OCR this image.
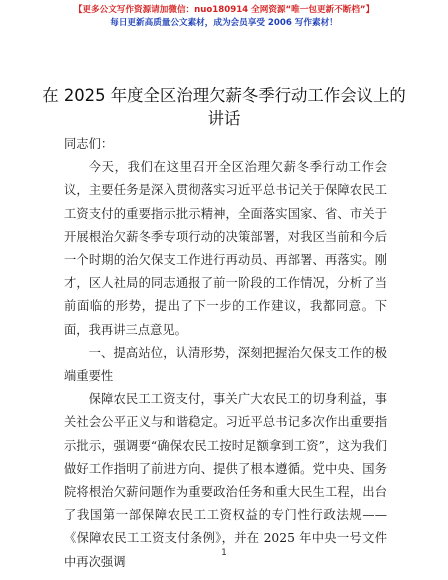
【更多公文写作资源请加微信：nuo180914 全网资源“唯一包更新不断档”】
每日更新高质量公文素材，成为会员享受 2006 写作素材！
在 2025 年度全区治理欠薪冬季行动工作会议上的讲话

同志们：

今天，我们在这里召开全区治理欠薪冬季行动工作会议，主要任务是深入贯彻落实习近平总书记关于保障农民工工资支付的重要指示批示精神，全面落实国家、省、市关于开展根治欠薪冬季专项行动的决策部署，对我区当前和今后一个时期的治欠保支工作进行再动员、再部署、再落实。刚才，区人社局的同志通报了前一阶段的工作情况，分析了当前面临的形势，提出了下一步的工作建议，我都同意。下面，我再讲三点意见。

一、提高站位，认清形势，深刻把握治欠保支工作的极端重要性

保障农民工工资支付，事关广大农民工的切身利益，事关社会公平正义与和谐稳定。习近平总书记多次作出重要指示批示，强调要“确保农民工按时足额拿到工资”，这为我们做好工作指明了前进方向、提供了根本遵循。党中央、国务院将根治欠薪问题作为重要政治任务和重大民生工程，出台了我国第一部保障农民工工资权益的专门性行政法规——《保障农民工工资支付条例》，并在 2025 年中央一号文件中再次强调

1
